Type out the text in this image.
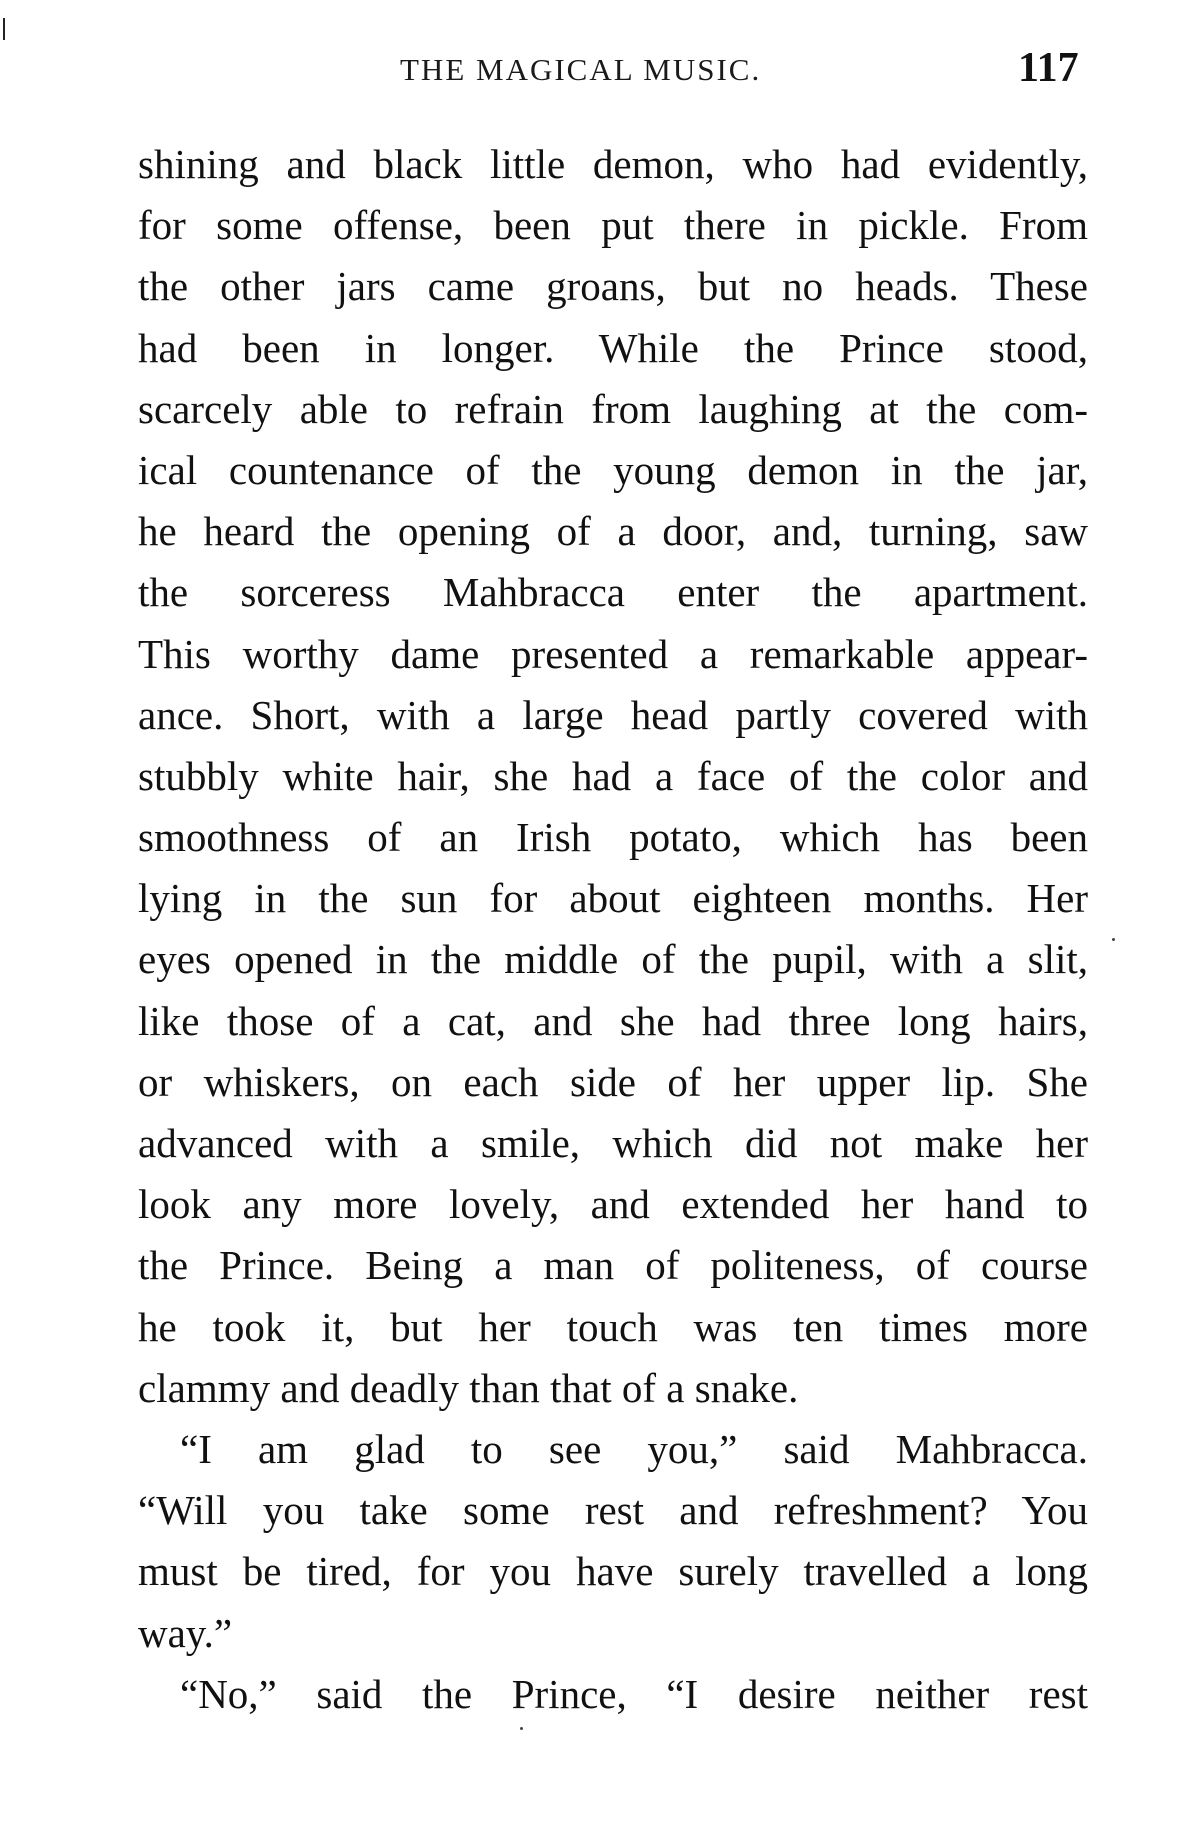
THE MAGICAL MUSIC.	117
shining and black little demon, who had evidently,
for some offense, been put there in pickle. From
the other jars came groans, but no heads. These
had been in longer. While the Prince stood,
scarcely able to refrain from laughing at the com-
ical countenance of the young demon in the jar,
he heard the opening of a door, and, turning, saw
the sorceress Mahbracca enter the apartment.
This worthy dame presented a remarkable appear-
ance. Short, with a large head partly covered with
stubbly white hair, she had a face of the color and
smoothness of an Irish potato, which has been
lying in the sun for about eighteen months. Her
eyes opened in the middle of the pupil, with a slit,
like those of a cat, and she had three long hairs,
or whiskers, on each side of her upper lip. She
advanced with a smile, which did not make her
look any more lovely, and extended her hand to
the Prince. Being a man of politeness, of course
he took it, but her touch was ten times more
clammy and deadly than that of a snake.
“I am glad to see you,” said Mahbracca.
“Will you take some rest and refreshment? You
must be tired, for you have surely travelled a long
way.”
“No,” said the Prince, “I desire neither rest
